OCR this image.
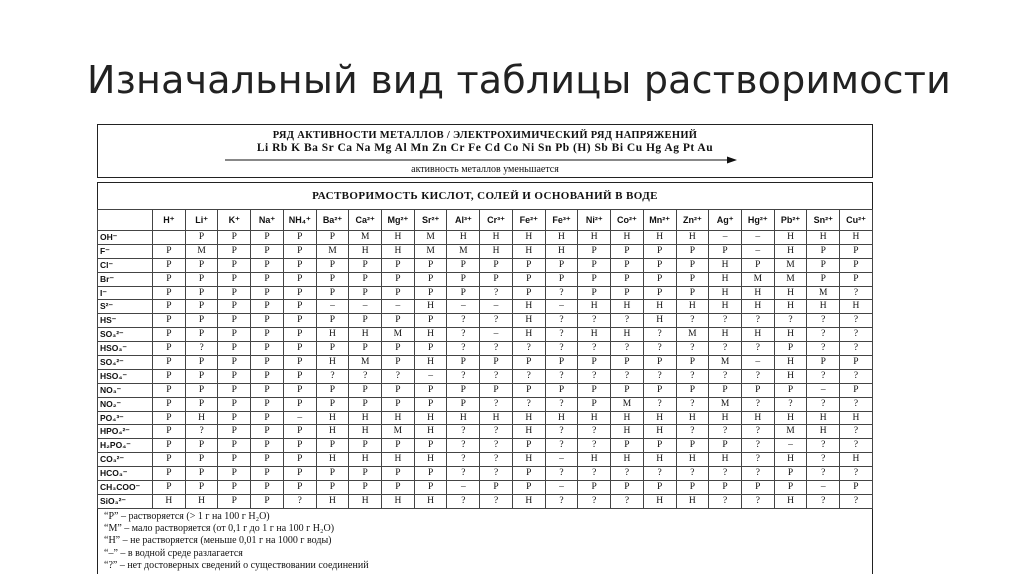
Изначальный вид таблицы растворимости
РЯД АКТИВНОСТИ МЕТАЛЛОВ / ЭЛЕКТРОХИМИЧЕСКИЙ РЯД НАПРЯЖЕНИЙ
Li Rb K Ba Sr Ca Na Mg Al Mn Zn Cr Fe Cd Co Ni Sn Pb (H) Sb Bi Cu Hg Ag Pt Au
активность металлов уменьшается
РАСТВОРИМОСТЬ КИСЛОТ, СОЛЕЙ И ОСНОВАНИЙ В ВОДЕ
	H⁺	Li⁺	K⁺	Na⁺	NH₄⁺	Ba²⁺	Ca²⁺	Mg²⁺	Sr²⁺	Al³⁺	Cr³⁺	Fe²⁺	Fe³⁺	Ni²⁺	Co²⁺	Mn²⁺	Zn²⁺	Ag⁺	Hg²⁺	Pb²⁺	Sn²⁺	Cu²⁺
OH⁻		Р	Р	Р	Р	Р	М	Н	М	Н	Н	Н	Н	Н	Н	Н	Н	–	–	Н	Н	Н
F⁻	Р	М	Р	Р	Р	М	Н	Н	М	М	Н	Н	Н	Р	Р	Р	Р	Р	–	Н	Р	Р
Cl⁻	Р	Р	Р	Р	Р	Р	Р	Р	Р	Р	Р	Р	Р	Р	Р	Р	Р	Н	Р	М	Р	Р
Br⁻	Р	Р	Р	Р	Р	Р	Р	Р	Р	Р	Р	Р	Р	Р	Р	Р	Р	Н	М	М	Р	Р
I⁻	Р	Р	Р	Р	Р	Р	Р	Р	Р	Р	?	Р	?	Р	Р	Р	Р	Н	Н	Н	М	?
S²⁻	Р	Р	Р	Р	Р	–	–	–	Н	–	–	Н	–	Н	Н	Н	Н	Н	Н	Н	Н	Н
HS⁻	Р	Р	Р	Р	Р	Р	Р	Р	Р	?	?	Н	?	?	?	Н	?	?	?	?	?	?
SO₃²⁻	Р	Р	Р	Р	Р	Н	Н	М	Н	?	–	Н	?	Н	Н	?	М	Н	Н	Н	?	?
HSO₃⁻	Р	?	Р	Р	Р	Р	Р	Р	Р	?	?	?	?	?	?	?	?	?	?	Р	?	?
SO₄²⁻	Р	Р	Р	Р	Р	Н	М	Р	Н	Р	Р	Р	Р	Р	Р	Р	Р	М	–	Н	Р	Р
HSO₄⁻	Р	Р	Р	Р	Р	?	?	?	–	?	?	?	?	?	?	?	?	?	?	Н	?	?
NO₃⁻	Р	Р	Р	Р	Р	Р	Р	Р	Р	Р	Р	Р	Р	Р	Р	Р	Р	Р	Р	Р	–	Р
NO₂⁻	Р	Р	Р	Р	Р	Р	Р	Р	Р	Р	?	?	?	Р	М	?	?	М	?	?	?	?
PO₄³⁻	Р	Н	Р	Р	–	Н	Н	Н	Н	Н	Н	Н	Н	Н	Н	Н	Н	Н	Н	Н	Н	Н
HPO₄²⁻	Р	?	Р	Р	Р	Н	Н	М	Н	?	?	Н	?	?	Н	Н	?	?	?	М	Н	?
H₂PO₄⁻	Р	Р	Р	Р	Р	Р	Р	Р	Р	?	?	Р	?	?	Р	Р	Р	Р	?	–	?	?
CO₃²⁻	Р	Р	Р	Р	Р	Н	Н	Н	Н	?	?	Н	–	Н	Н	Н	Н	Н	?	Н	?	Н
HCO₃⁻	Р	Р	Р	Р	Р	Р	Р	Р	Р	?	?	Р	?	?	?	?	?	?	?	Р	?	?
CH₃COO⁻	Р	Р	Р	Р	Р	Р	Р	Р	Р	–	Р	Р	–	Р	Р	Р	Р	Р	Р	Р	–	Р
SiO₃²⁻	Н	Н	Р	Р	?	Н	Н	Н	Н	?	?	Н	?	?	?	Н	Н	?	?	Н	?	?
“Р” – растворяется (> 1 г на 100 г H₂O)
“М” – мало растворяется (от 0,1 г до 1 г на 100 г H₂O)
“Н” – не растворяется (меньше 0,01 г на 1000 г воды)
“–” – в водной среде разлагается
“?” – нет достоверных сведений о существовании соединений
